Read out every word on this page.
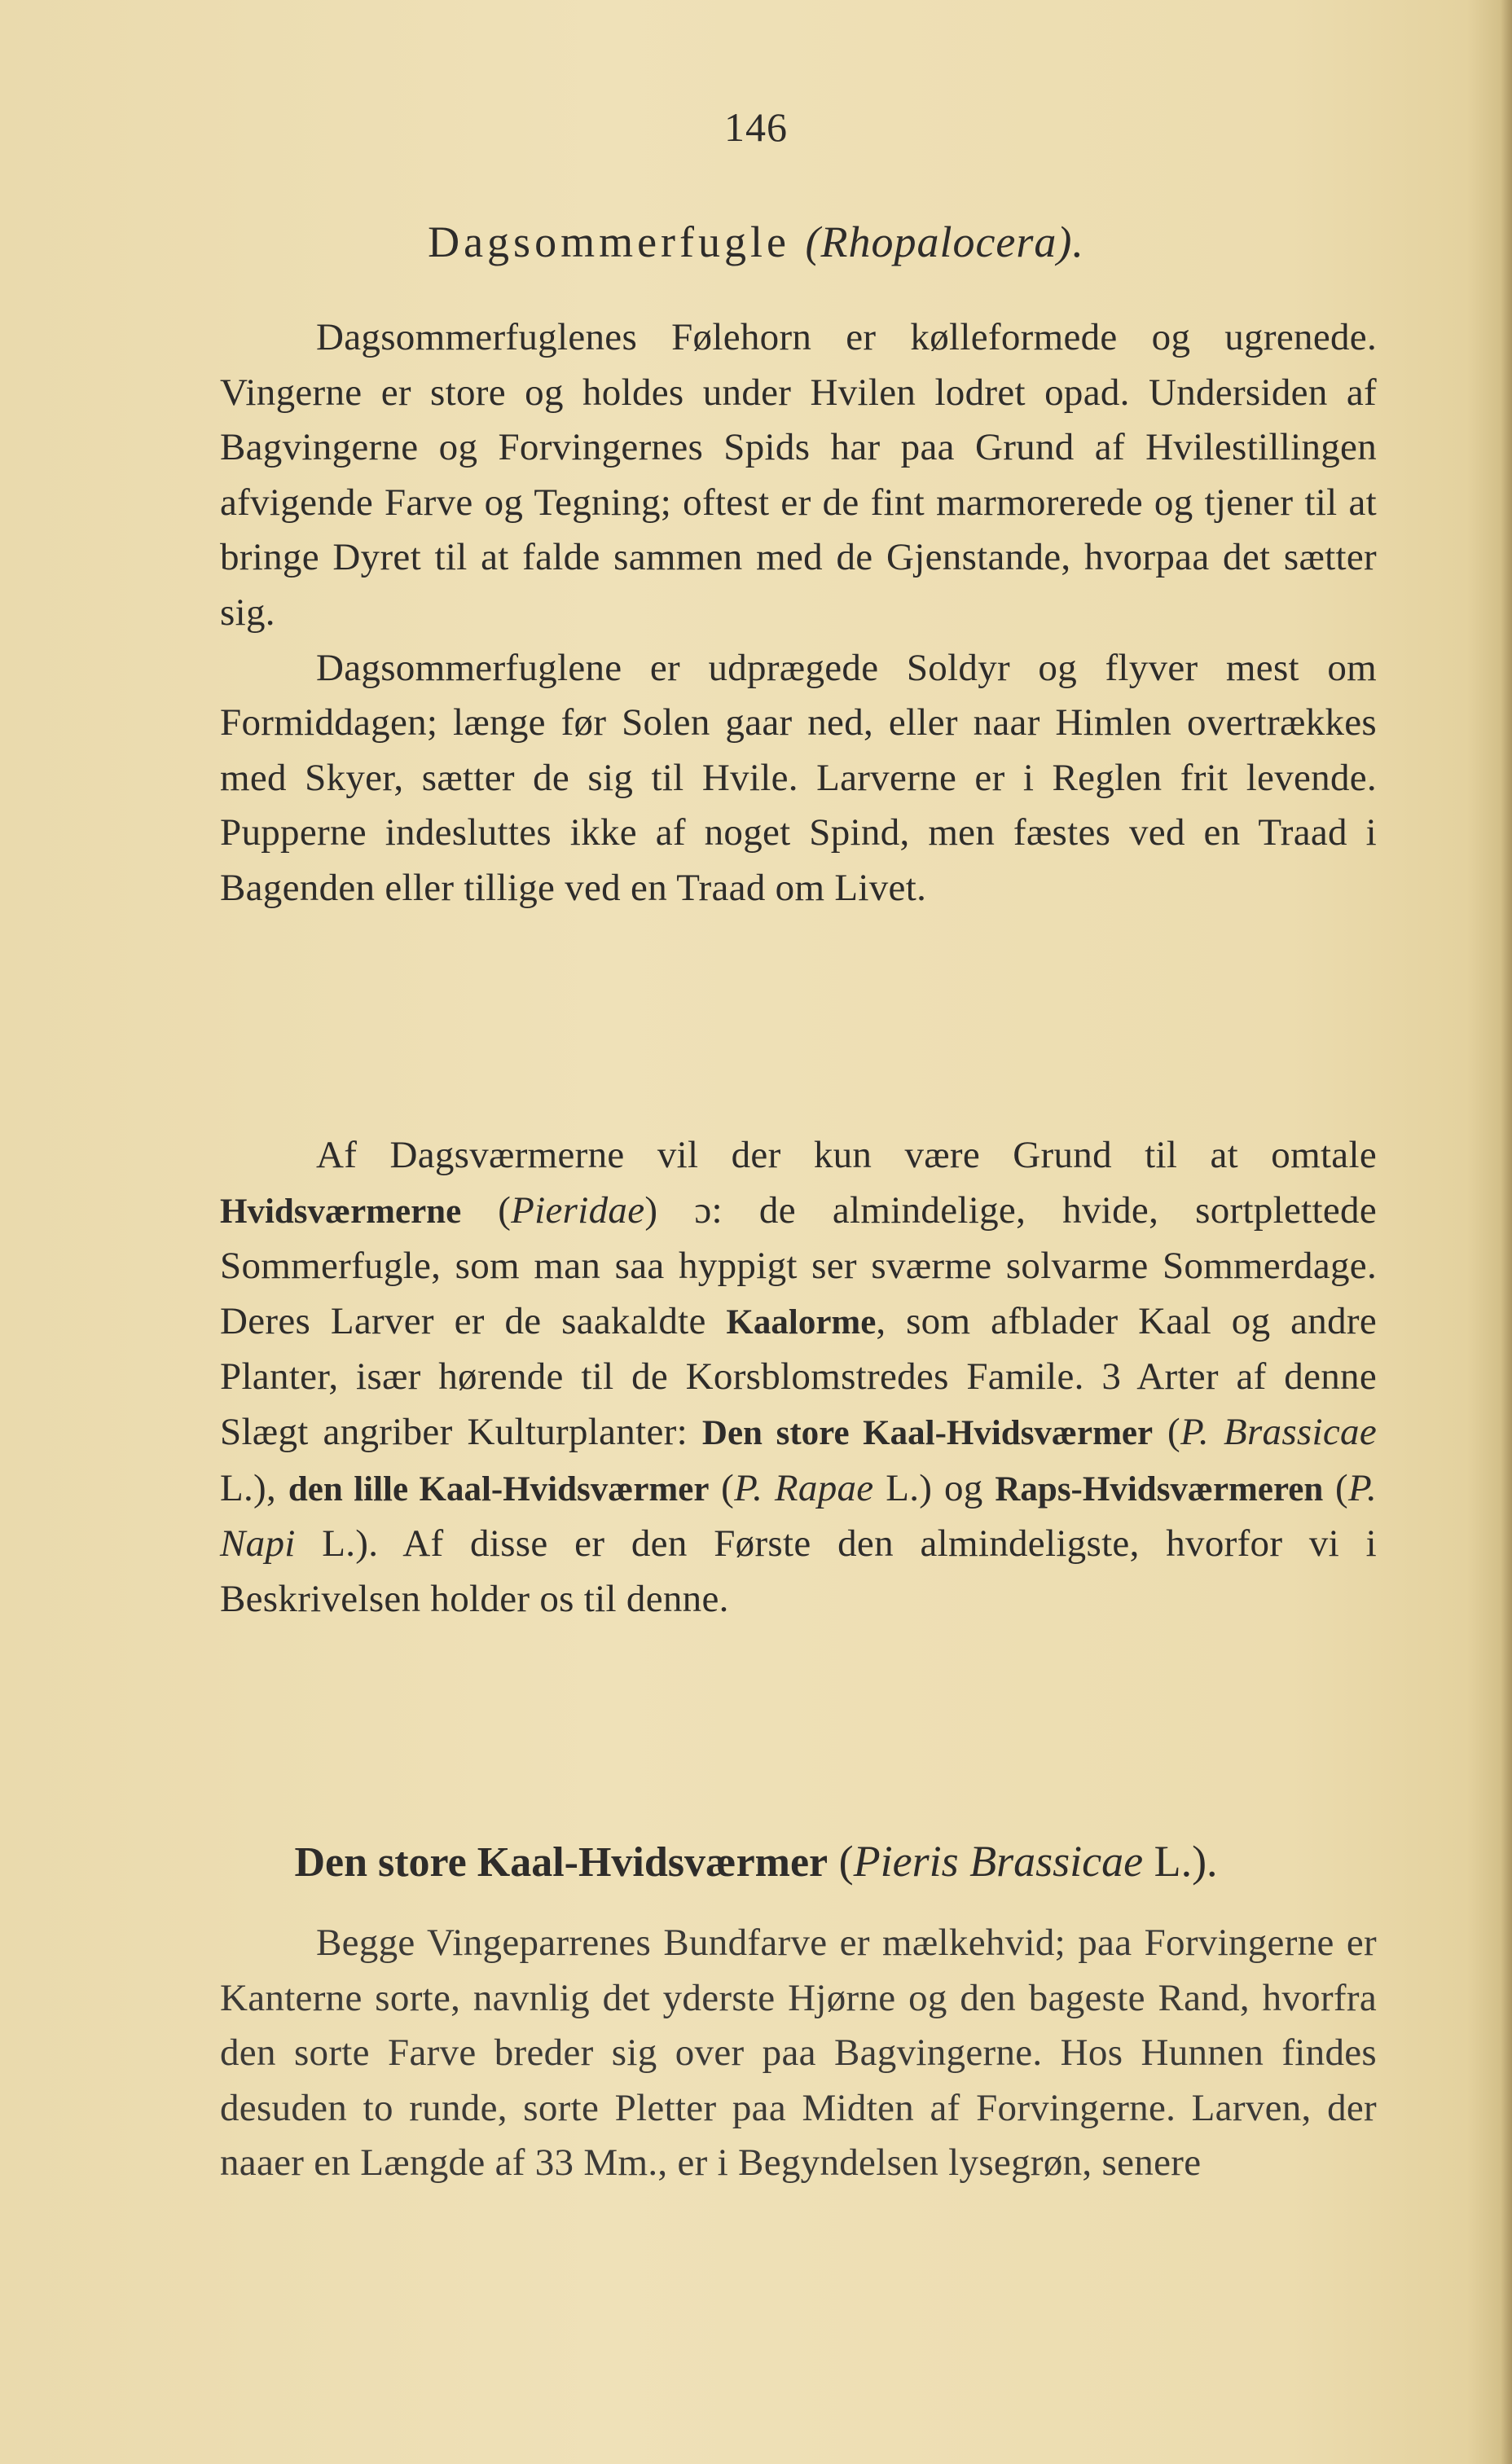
146
Dagsommerfugle (Rhopalocera).

Dagsommerfuglenes Følehorn er kølleformede og ugrenede. Vingerne er store og holdes under Hvilen lodret opad. Undersiden af Bagvingerne og Forvingernes Spids har paa Grund af Hvilestillingen afvigende Farve og Tegning; oftest er de fint marmorerede og tjener til at bringe Dyret til at falde sammen med de Gjenstande, hvorpaa det sætter sig.

Dagsommerfuglene er udprægede Soldyr og flyver mest om Formiddagen; længe før Solen gaar ned, eller naar Himlen overtrækkes med Skyer, sætter de sig til Hvile. Larverne er i Reglen frit levende. Pupperne indesluttes ikke af noget Spind, men fæstes ved en Traad i Bagenden eller tillige ved en Traad om Livet.

Af Dagsværmerne vil der kun være Grund til at omtale Hvidsværmerne (Pieridae) ɔ: de almindelige, hvide, sortplettede Sommerfugle, som man saa hyppigt ser sværme solvarme Sommerdage. Deres Larver er de saakaldte Kaalorme, som afblader Kaal og andre Planter, især hørende til de Korsblomstredes Famile. 3 Arter af denne Slægt angriber Kulturplanter: Den store Kaal-Hvidsværmer (P. Brassicae L.), den lille Kaal-Hvidsværmer (P. Rapae L.) og Raps-Hvidsværmeren (P. Napi L.). Af disse er den Første den almindeligste, hvorfor vi i Beskrivelsen holder os til denne.

Den store Kaal-Hvidsværmer (Pieris Brassicae L.).

Begge Vingeparrenes Bundfarve er mælkehvid; paa Forvingerne er Kanterne sorte, navnlig det yderste Hjørne og den bageste Rand, hvorfra den sorte Farve breder sig over paa Bagvingerne. Hos Hunnen findes desuden to runde, sorte Pletter paa Midten af Forvingerne. Larven, der naaer en Længde af 33 Mm., er i Begyndelsen lysegrøn, senere
